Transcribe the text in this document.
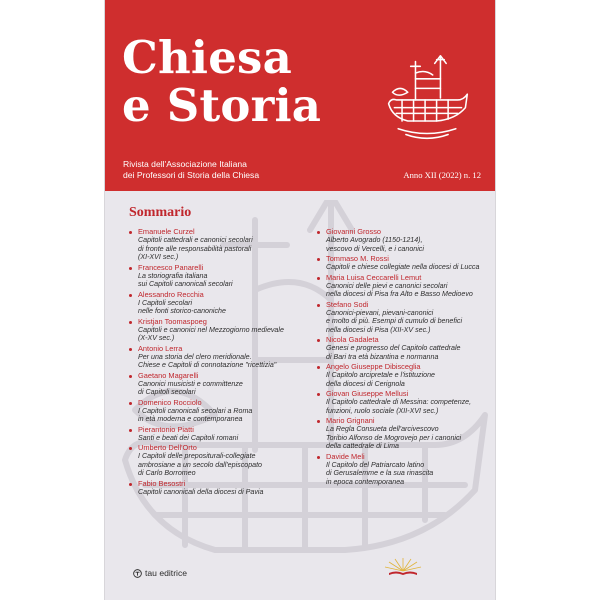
Chiesa
e Storia
Rivista dell'Associazione Italiana
dei Professori di Storia della Chiesa	Anno XII (2022) n. 12
Sommario
Emanuele Curzel
Capitoli cattedrali e canonici secolari
di fronte alle responsabilità pastorali
(XI-XVI sec.)
Francesco Panarelli
La storiografia italiana
sui Capitoli canonicali secolari
Alessandro Recchia
I Capitoli secolari
nelle fonti storico-canoniche
Kristjan Toomaspoeg
Capitoli e canonici nel Mezzogiorno medievale
(X-XV sec.)
Antonio Lerra
Per una storia del clero meridionale.
Chiese e Capitoli di connotazione "ricettizia"
Gaetano Magarelli
Canonici musicisti e committenze
di Capitoli secolari
Domenico Rocciolo
I Capitoli canonicali secolari a Roma
in età moderna e contemporanea
Pierantonio Piatti
Santi e beati dei Capitoli romani
Umberto Dell'Orto
I Capitoli delle prepositurali-collegiate
ambrosiane a un secolo dall'episcopato
di Carlo Borromeo
Fabio Besostri
Capitoli canonicali della diocesi di Pavia
Giovanni Grosso
Alberto Avogrado (1150-1214),
vescovo di Vercelli, e i canonici
Tommaso M. Rossi
Capitoli e chiese collegiate nella diocesi di Lucca
Maria Luisa Ceccarelli Lemut
Canonici delle pievi e canonici secolari
nella diocesi di Pisa fra Alto e Basso Medioevo
Stefano Sodi
Canonici-pievani, pievani-canonici
e molto di più. Esempi di cumulo di benefici
nella diocesi di Pisa (XII-XV sec.)
Nicola Gadaleta
Genesi e progresso del Capitolo cattedrale
di Bari tra età bizantina e normanna
Angelo Giuseppe Dibisceglia
Il Capitolo arcipretale e l'istituzione
della diocesi di Cerignola
Giovan Giuseppe Mellusi
Il Capitolo cattedrale di Messina: competenze,
funzioni, ruolo sociale (XII-XVI sec.)
Mario Grignani
La Regla Consueta dell'arcivescovo
Toribio Alfonso de Mogrovejo per i canonici
della cattedrale di Lima
Davide Meli
Il Capitolo del Patriarcato latino
di Gerusalemme e la sua rinascita
in epoca contemporanea
tau editrice
